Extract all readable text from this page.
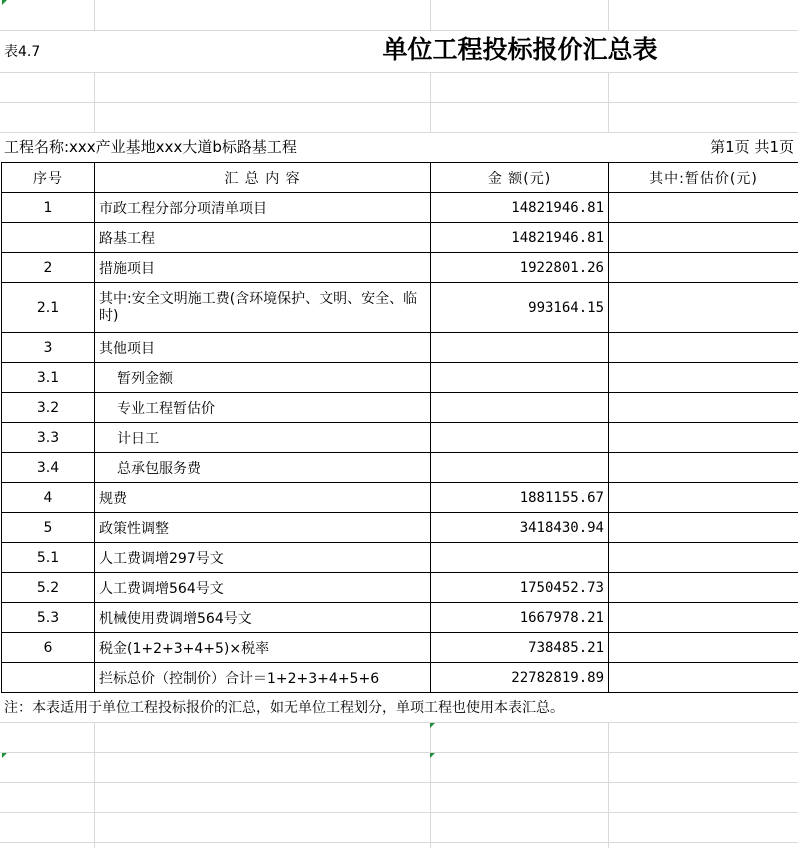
表4.7	单位工程投标报价汇总表
工程名称:xxx产业基地xxx大道b标路基工程	第1页 共1页
序号	汇 总 内 容	金 额(元)	其中:暂估价(元)
1	市政工程分部分项清单项目	14821946.81	
	路基工程	14821946.81	
2	措施项目	1922801.26	
2.1	其中:安全文明施工费(含环境保护、文明、安全、临时)	993164.15	
3	其他项目		
3.1	暂列金额		
3.2	专业工程暂估价		
3.3	计日工		
3.4	总承包服务费		
4	规费	1881155.67	
5	政策性调整	3418430.94	
5.1	人工费调增297号文		
5.2	人工费调增564号文	1750452.73	
5.3	机械使用费调增564号文	1667978.21	
6	税金(1+2+3+4+5)×税率	738485.21	
	拦标总价（控制价）合计＝1+2+3+4+5+6	22782819.89	
注：本表适用于单位工程投标报价的汇总，如无单位工程划分，单项工程也使用本表汇总。
